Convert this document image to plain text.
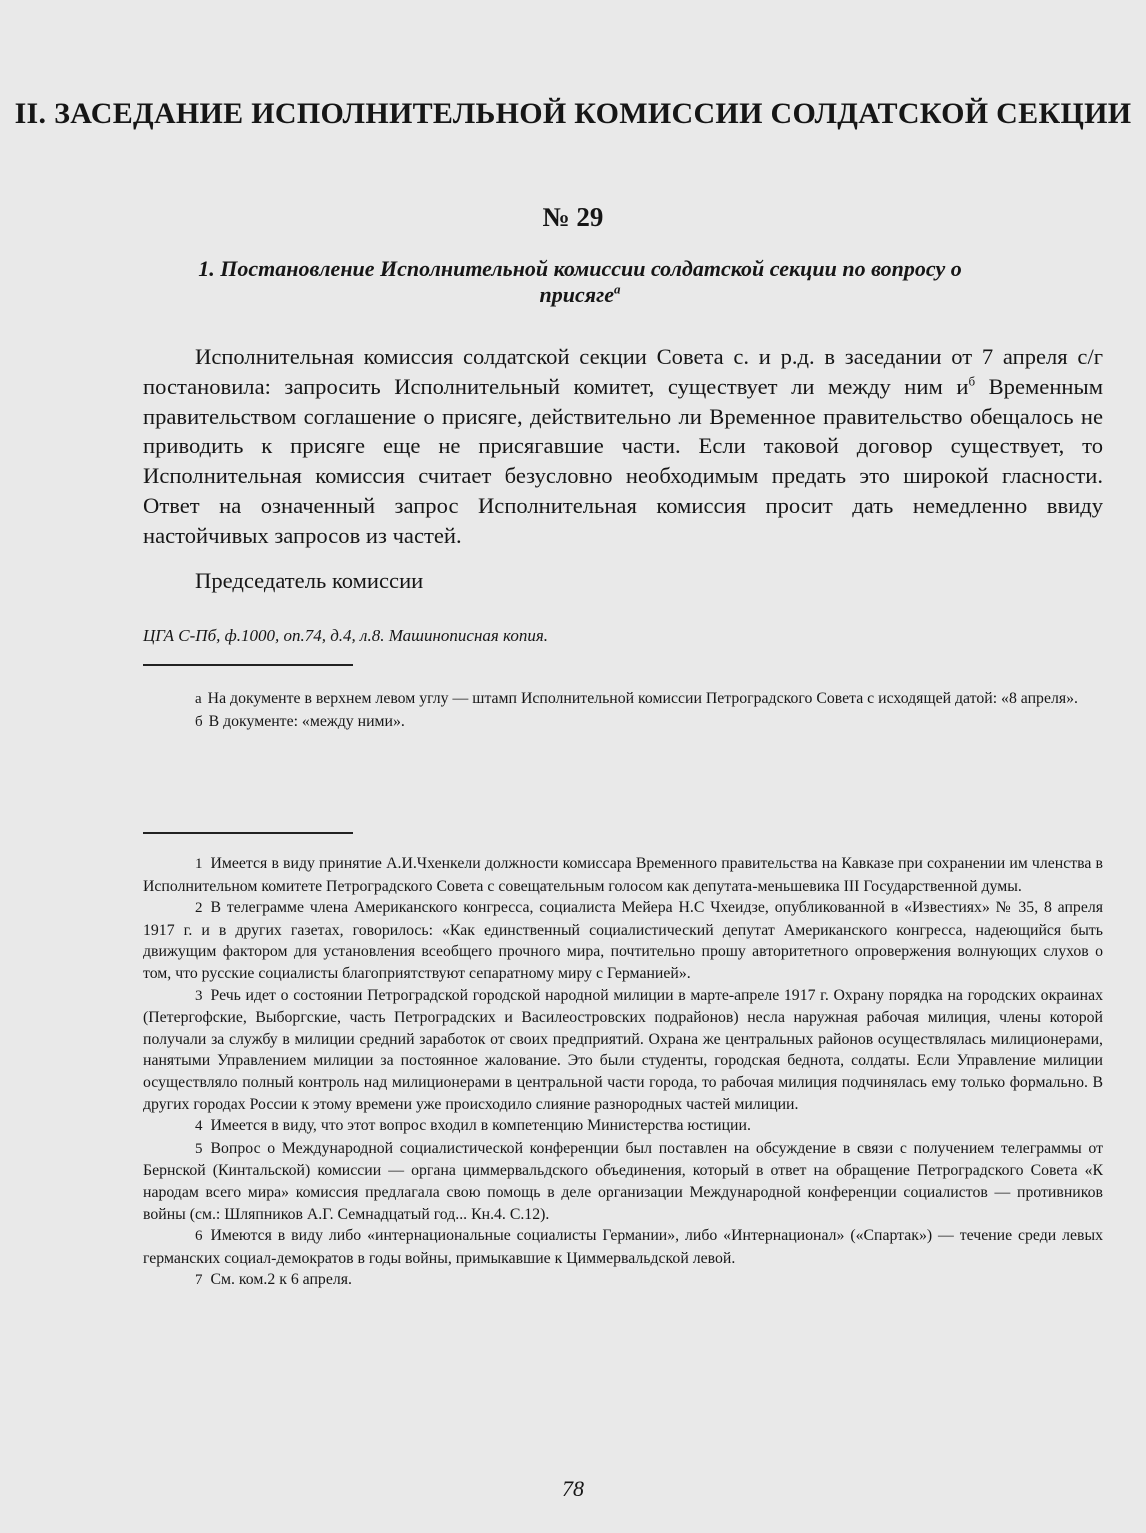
II. ЗАСЕДАНИЕ ИСПОЛНИТЕЛЬНОЙ КОМИССИИ СОЛДАТСКОЙ СЕКЦИИ
№ 29
1. Постановление Исполнительной комиссии солдатской секции по вопросу о присяге$^а$
Исполнительная комиссия солдатской секции Совета с. и р.д. в заседании от 7 апреля с/г постановила: запросить Исполнительный комитет, существует ли между ним $и^б$ Временным правительством соглашение о присяге, действительно ли Временное правительство обещалось не приводить к присяге еще не присягавшие части. Если таковой договор существует, то Исполнительная комиссия считает безусловно необходимым предать это широкой гласности. Ответ на означенный запрос Исполнительная комиссия просит дать немедленно ввиду настойчивых запросов из частей.
Председатель комиссии
ЦГА С-Пб, ф.1000, оп.74, д.4, л.8. Машинописная копия.

а На документе в верхнем левом углу — штамп Исполнительной комиссии Петроградского Совета с исходящей датой: «8 апреля».

б В документе: «между ними».

1 Имеется в виду принятие А.И.Чхенкели должности комиссара Временного правительства на Кавказе при сохранении им членства в Исполнительном комитете Петроградского Совета с совещательным голосом как депутата-меньшевика III Государственной думы.

2 В телеграмме члена Американского конгресса, социалиста Мейера Н.С Чхеидзе, опубликованной в «Известиях» № 35, 8 апреля 1917 г. и в других газетах, говорилось: «Как единственный социалистический депутат Американского конгресса, надеющийся быть движущим фактором для установления всеобщего прочного мира, почтительно прошу авторитетного опровержения волнующих слухов о том, что русские социалисты благоприятствуют сепаратному миру с Германией».

3 Речь идет о состоянии Петроградской городской народной милиции в марте-апреле 1917 г. Охрану порядка на городских окраинах (Петергофские, Выборгские, часть Петроградских и Василеостровских подрайонов) несла наружная рабочая милиция, члены которой получали за службу в милиции средний заработок от своих предприятий. Охрана же центральных районов осуществлялась милиционерами, нанятыми Управлением милиции за постоянное жалование. Это были студенты, городская беднота, солдаты. Если Управление милиции осуществляло полный контроль над милиционерами в центральной части города, то рабочая милиция подчинялась ему только формально. В других городах России к этому времени уже происходило слияние разнородных частей милиции.

4 Имеется в виду, что этот вопрос входил в компетенцию Министерства юстиции.

5 Вопрос о Международной социалистической конференции был поставлен на обсуждение в связи с получением телеграммы от Бернской (Кинтальской) комиссии — органа циммервальдского объединения, который в ответ на обращение Петроградского Совета «К народам всего мира» комиссия предлагала свою помощь в деле организации Международной конференции социалистов — противников войны (см.: Шляпников А.Г. Семнадцатый год... Кн.4. С.12).

6 Имеются в виду либо «интернациональные социалисты Германии», либо «Интернационал» («Спартак») — течение среди левых германских социал-демократов в годы войны, примыкавшие к Циммервальдской левой.

7 См. ком.2 к 6 апреля.

78
